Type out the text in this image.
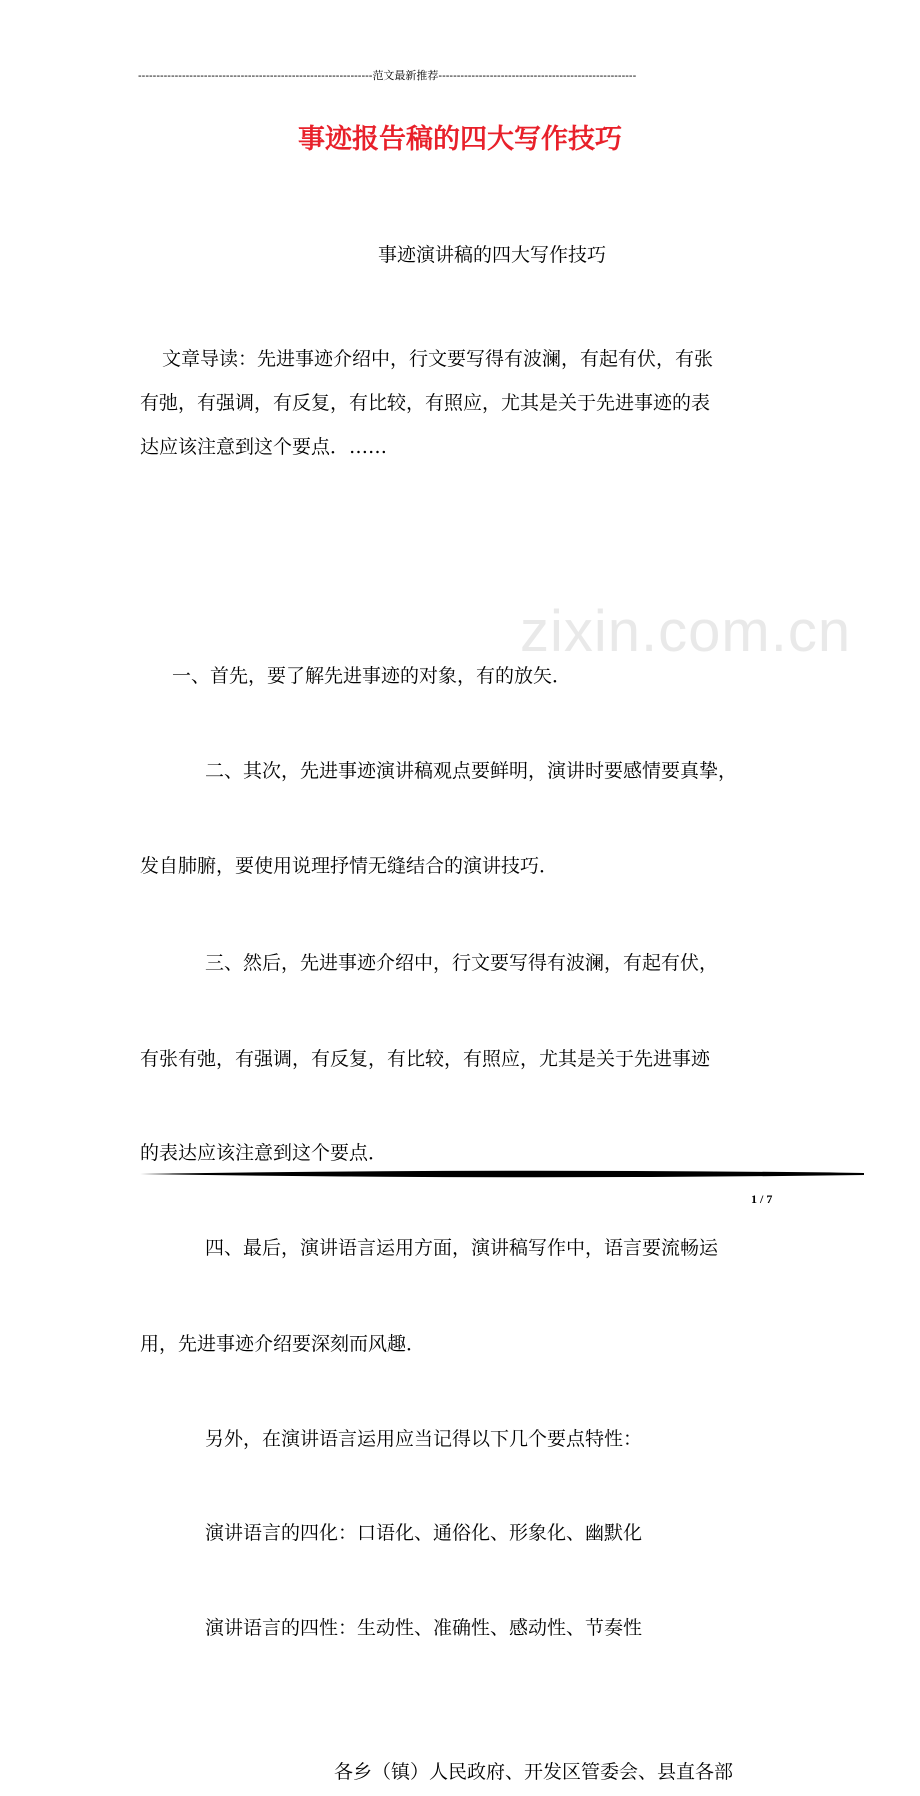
----------------------------------------------------------------范文最新推荐------------------------------------------------------
事迹报告稿的四大写作技巧
事迹演讲稿的四大写作技巧
文章导读：先进事迹介绍中，行文要写得有波澜，有起有伏，有张
有弛，有强调，有反复，有比较，有照应，尤其是关于先进事迹的表
达应该注意到这个要点．……
zixin.com.cn
一、首先，要了解先进事迹的对象，有的放矢．
二、其次，先进事迹演讲稿观点要鲜明，演讲时要感情要真挚，
发自肺腑，要使用说理抒情无缝结合的演讲技巧．
三、然后，先进事迹介绍中，行文要写得有波澜，有起有伏，
有张有弛，有强调，有反复，有比较，有照应，尤其是关于先进事迹
的表达应该注意到这个要点．
四、最后，演讲语言运用方面，演讲稿写作中，语言要流畅运
用，先进事迹介绍要深刻而风趣．
另外，在演讲语言运用应当记得以下几个要点特性：
演讲语言的四化：口语化、通俗化、形象化、幽默化
演讲语言的四性：生动性、准确性、感动性、节奏性
各乡（镇）人民政府、开发区管委会、县直各部
1 / 7
